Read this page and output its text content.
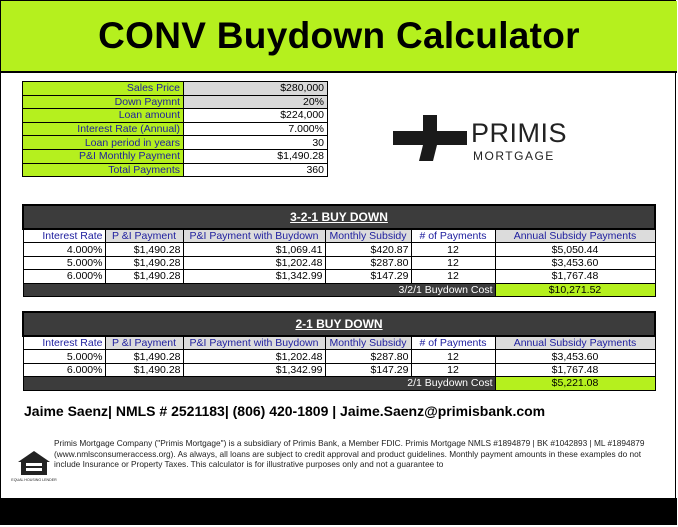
CONV Buydown Calculator
Sales Price	$280,000
Down Paymnt	20%
Loan amount	$224,000
Interest Rate (Annual)	7.000%
Loan period in years	30
P&I Monthly Payment	$1,490.28
Total Payments	360
PRIMIS
MORTGAGE
3-2-1 BUY DOWN					
Interest Rate	P &I Payment	P&I Payment with Buydown	Monthly Subsidy	# of Payments	Annual Subsidy Payments
4.000%	$1,490.28	$1,069.41	$420.87	12	$5,050.44
5.000%	$1,490.28	$1,202.48	$287.80	12	$3,453.60
6.000%	$1,490.28	$1,342.99	$147.29	12	$1,767.48
3/2/1 Buydown Cost					$10,271.52
2-1 BUY DOWN					
Interest Rate	P &I Payment	P&I Payment with Buydown	Monthly Subsidy	# of Payments	Annual Subsidy Payments
5.000%	$1,490.28	$1,202.48	$287.80	12	$3,453.60
6.000%	$1,490.28	$1,342.99	$147.29	12	$1,767.48
2/1 Buydown Cost					$5,221.08
Jaime Saenz| NMLS # 2521183| (806) 420-1809 | Jaime.Saenz@primisbank.com
EQUAL HOUSING LENDER
Primis Mortgage Company ("Primis Mortgage") is a subsidiary of Primis Bank, a Member FDIC. Primis Mortgage NMLS #1894879 | BK #1042893 | ML #1894879 (www.nmlsconsumeraccess.org). As always, all loans are subject to credit approval and product guidelines. Monthly payment amounts in these examples do not include Insurance or Property Taxes. This calculator is for illustrative purposes only and not a guarantee to
